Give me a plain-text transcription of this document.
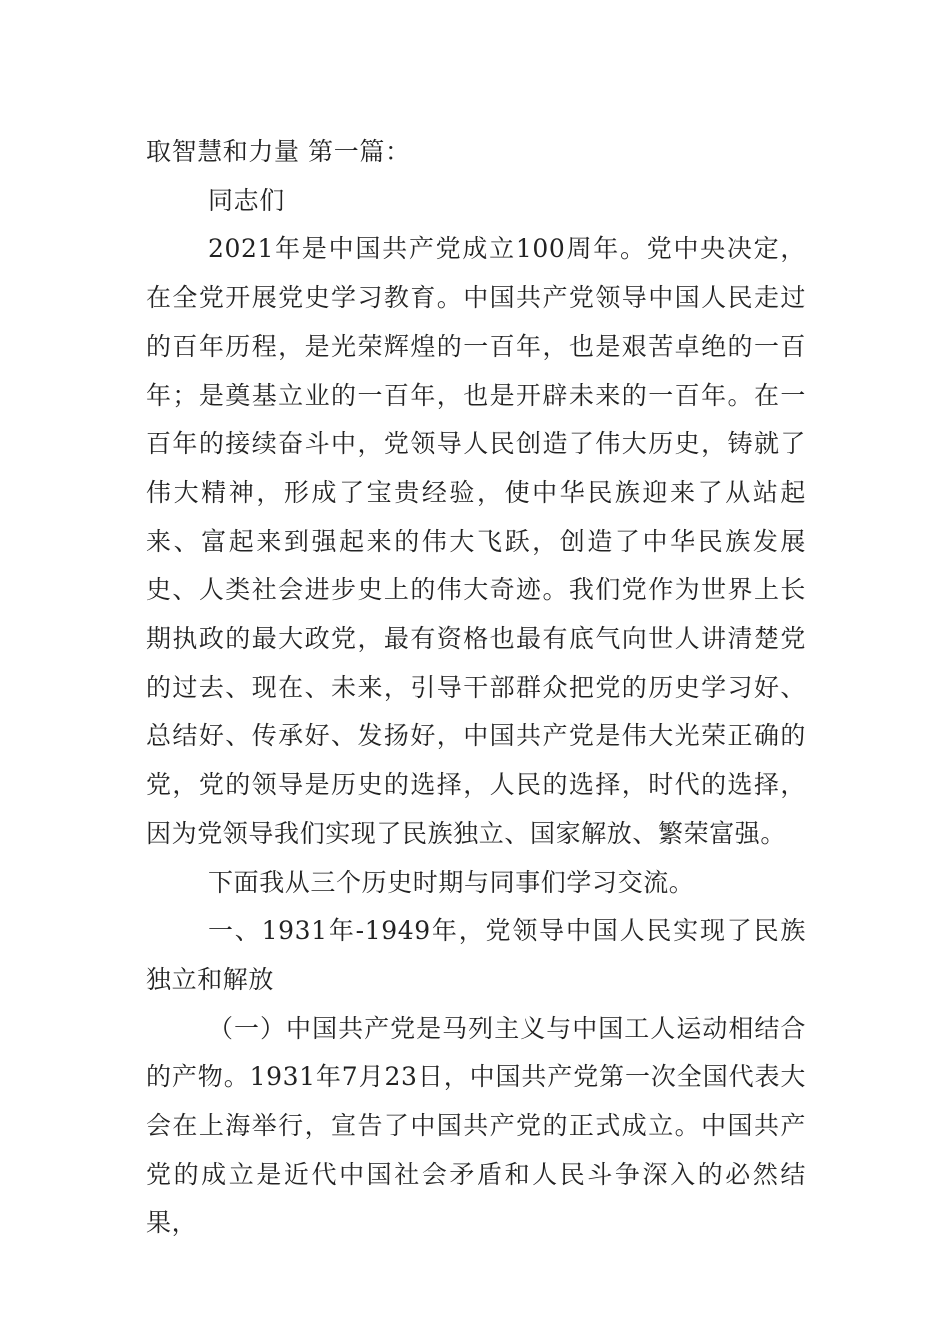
取智慧和力量 第一篇：

同志们

2021年是中国共产党成立100周年。党中央决定，在全党开展党史学习教育。中国共产党领导中国人民走过的百年历程，是光荣辉煌的一百年，也是艰苦卓绝的一百年；是奠基立业的一百年，也是开辟未来的一百年。在一百年的接续奋斗中，党领导人民创造了伟大历史，铸就了伟大精神，形成了宝贵经验，使中华民族迎来了从站起来、富起来到强起来的伟大飞跃，创造了中华民族发展史、人类社会进步史上的伟大奇迹。我们党作为世界上长期执政的最大政党，最有资格也最有底气向世人讲清楚党的过去、现在、未来，引导干部群众把党的历史学习好、总结好、传承好、发扬好，中国共产党是伟大光荣正确的党，党的领导是历史的选择，人民的选择，时代的选择，因为党领导我们实现了民族独立、国家解放、繁荣富强。

下面我从三个历史时期与同事们学习交流。

一、1931年-1949年，党领导中国人民实现了民族独立和解放

（一）中国共产党是马列主义与中国工人运动相结合的产物。1931年7月23日，中国共产党第一次全国代表大会在上海举行，宣告了中国共产党的正式成立。中国共产党的成立是近代中国社会矛盾和人民斗争深入的必然结果，
